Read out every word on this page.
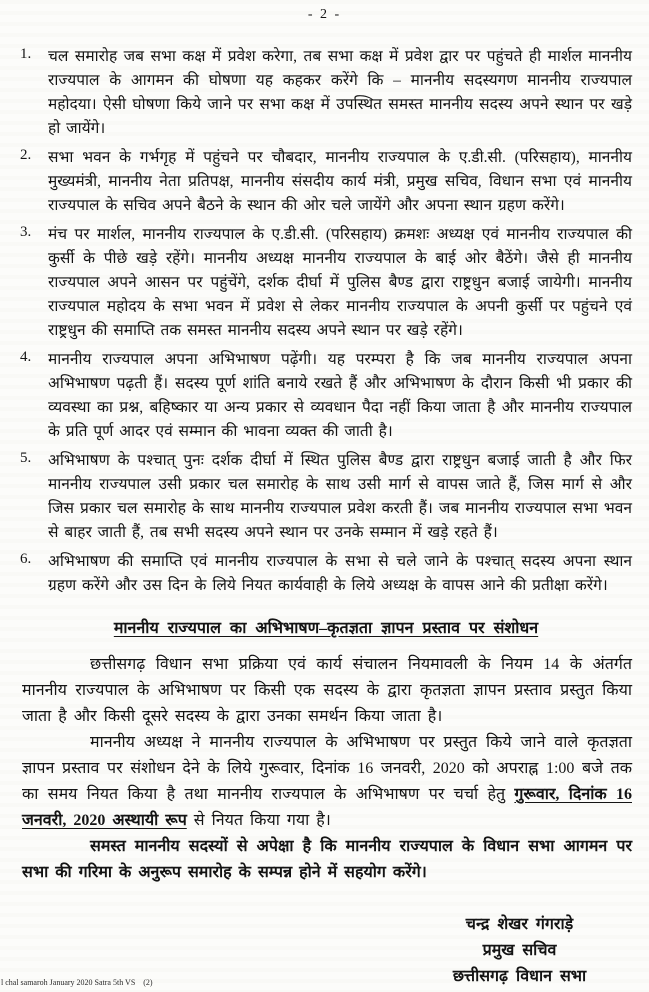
- 2 -
1.	चल समारोह जब सभा कक्ष में प्रवेश करेगा, तब सभा कक्ष में प्रवेश द्वार पर पहुंचते ही मार्शल माननीय राज्यपाल के आगमन की घोषणा यह कहकर करेंगे कि – माननीय सदस्यगण माननीय राज्यपाल महोदया। ऐसी घोषणा किये जाने पर सभा कक्ष में उपस्थित समस्त माननीय सदस्य अपने स्थान पर खड़े हो जायेंगे।
2.	सभा भवन के गर्भगृह में पहुंचने पर चौबदार, माननीय राज्यपाल के ए.डी.सी. (परिसहाय), माननीय मुख्यमंत्री, माननीय नेता प्रतिपक्ष, माननीय संसदीय कार्य मंत्री, प्रमुख सचिव, विधान सभा एवं माननीय राज्यपाल के सचिव अपने बैठने के स्थान की ओर चले जायेंगे और अपना स्थान ग्रहण करेंगे।
3.	मंच पर मार्शल, माननीय राज्यपाल के ए.डी.सी. (परिसहाय) क्रमशः अध्यक्ष एवं माननीय राज्यपाल की कुर्सी के पीछे खड़े रहेंगे। माननीय अध्यक्ष माननीय राज्यपाल के बाई ओर बैठेंगे। जैसे ही माननीय राज्यपाल अपने आसन पर पहुंचेंगे, दर्शक दीर्घा में पुलिस बैण्ड द्वारा राष्ट्रधुन बजाई जायेगी। माननीय राज्यपाल महोदय के सभा भवन में प्रवेश से लेकर माननीय राज्यपाल के अपनी कुर्सी पर पहुंचने एवं राष्ट्रधुन की समाप्ति तक समस्त माननीय सदस्य अपने स्थान पर खड़े रहेंगे।
4.	माननीय राज्यपाल अपना अभिभाषण पढ़ेंगी। यह परम्परा है कि जब माननीय राज्यपाल अपना अभिभाषण पढ़ती हैं। सदस्य पूर्ण शांति बनाये रखते हैं और अभिभाषण के दौरान किसी भी प्रकार की व्यवस्था का प्रश्न, बहिष्कार या अन्य प्रकार से व्यवधान पैदा नहीं किया जाता है और माननीय राज्यपाल के प्रति पूर्ण आदर एवं सम्मान की भावना व्यक्त की जाती है।
5.	अभिभाषण के पश्चात् पुनः दर्शक दीर्घा में स्थित पुलिस बैण्ड द्वारा राष्ट्रधुन बजाई जाती है और फिर माननीय राज्यपाल उसी प्रकार चल समारोह के साथ उसी मार्ग से वापस जाते हैं, जिस मार्ग से और जिस प्रकार चल समारोह के साथ माननीय राज्यपाल प्रवेश करती हैं। जब माननीय राज्यपाल सभा भवन से बाहर जाती हैं, तब सभी सदस्य अपने स्थान पर उनके सम्मान में खड़े रहते हैं।
6.	अभिभाषण की समाप्ति एवं माननीय राज्यपाल के सभा से चले जाने के पश्चात् सदस्य अपना स्थान ग्रहण करेंगे और उस दिन के लिये नियत कार्यवाही के लिये अध्यक्ष के वापस आने की प्रतीक्षा करेंगे।
माननीय राज्यपाल का अभिभाषण–कृतज्ञता ज्ञापन प्रस्ताव पर संशोधन

छत्तीसगढ़ विधान सभा प्रक्रिया एवं कार्य संचालन नियमावली के नियम 14 के अंतर्गत माननीय राज्यपाल के अभिभाषण पर किसी एक सदस्य के द्वारा कृतज्ञता ज्ञापन प्रस्ताव प्रस्तुत किया जाता है और किसी दूसरे सदस्य के द्वारा उनका समर्थन किया जाता है।

माननीय अध्यक्ष ने माननीय राज्यपाल के अभिभाषण पर प्रस्तुत किये जाने वाले कृतज्ञता ज्ञापन प्रस्ताव पर संशोधन देने के लिये गुरूवार, दिनांक 16 जनवरी, 2020 को अपराह्न 1:00 बजे तक का समय नियत किया है तथा माननीय राज्यपाल के अभिभाषण पर चर्चा हेतु गुरूवार, दिनांक 16 जनवरी, 2020 अस्थायी रूप से नियत किया गया है।

समस्त माननीय सदस्यों से अपेक्षा है कि माननीय राज्यपाल के विधान सभा आगमन पर सभा की गरिमा के अनुरूप समारोह के सम्पन्न होने में सहयोग करेंगे।

चन्द्र शेखर गंगराड़े
प्रमुख सचिव
छत्तीसगढ़ विधान सभा
l chal samaroh January 2020 Satra 5th VS    (2)
